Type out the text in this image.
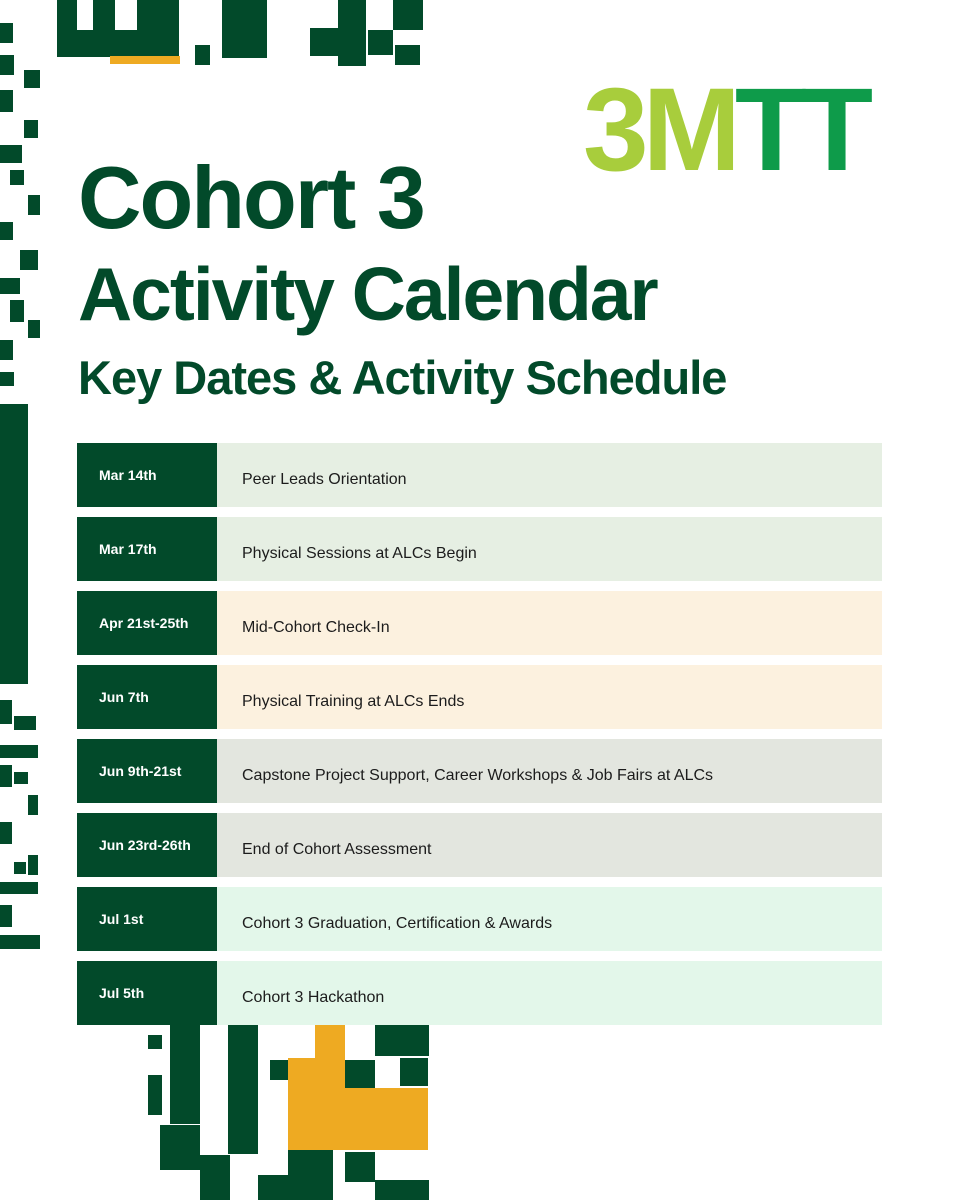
3MTT
Cohort 3
Activity Calendar
Key Dates & Activity Schedule
Mar 14th	Peer Leads Orientation
Mar 17th	Physical Sessions at ALCs Begin
Apr 21st-25th	Mid-Cohort Check-In
Jun 7th	Physical Training at ALCs Ends
Jun 9th-21st	Capstone Project Support, Career Workshops & Job Fairs at ALCs
Jun 23rd-26th	End of Cohort Assessment
Jul 1st	Cohort 3 Graduation, Certification & Awards
Jul 5th	Cohort 3 Hackathon
